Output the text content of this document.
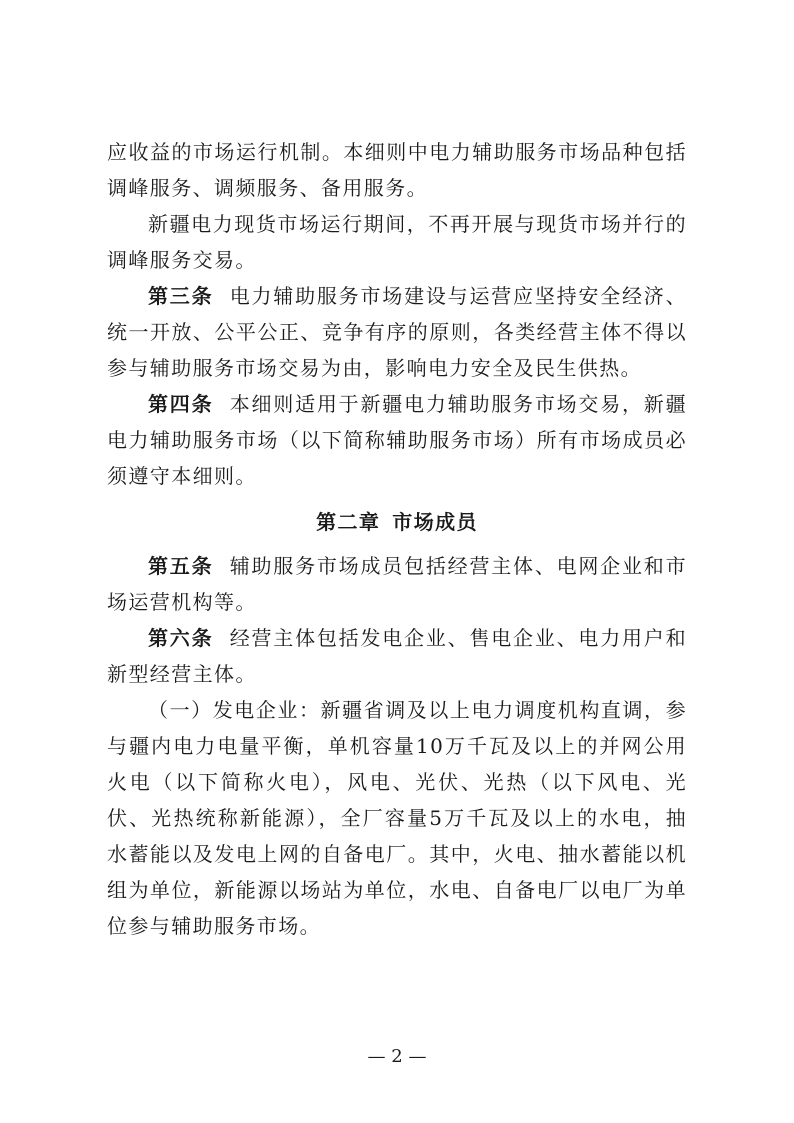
应收益的市场运行机制。本细则中电力辅助服务市场品种包括调峰服务、调频服务、备用服务。

新疆电力现货市场运行期间，不再开展与现货市场并行的调峰服务交易。

第三条 电力辅助服务市场建设与运营应坚持安全经济、统一开放、公平公正、竞争有序的原则，各类经营主体不得以参与辅助服务市场交易为由，影响电力安全及民生供热。

第四条 本细则适用于新疆电力辅助服务市场交易，新疆电力辅助服务市场（以下简称辅助服务市场）所有市场成员必须遵守本细则。

第二章 市场成员

第五条 辅助服务市场成员包括经营主体、电网企业和市场运营机构等。

第六条 经营主体包括发电企业、售电企业、电力用户和新型经营主体。

（一）发电企业：新疆省调及以上电力调度机构直调，参与疆内电力电量平衡，单机容量10万千瓦及以上的并网公用火电（以下简称火电），风电、光伏、光热（以下风电、光伏、光热统称新能源），全厂容量5万千瓦及以上的水电，抽水蓄能以及发电上网的自备电厂。其中，火电、抽水蓄能以机组为单位，新能源以场站为单位，水电、自备电厂以电厂为单位参与辅助服务市场。

— 2 —
